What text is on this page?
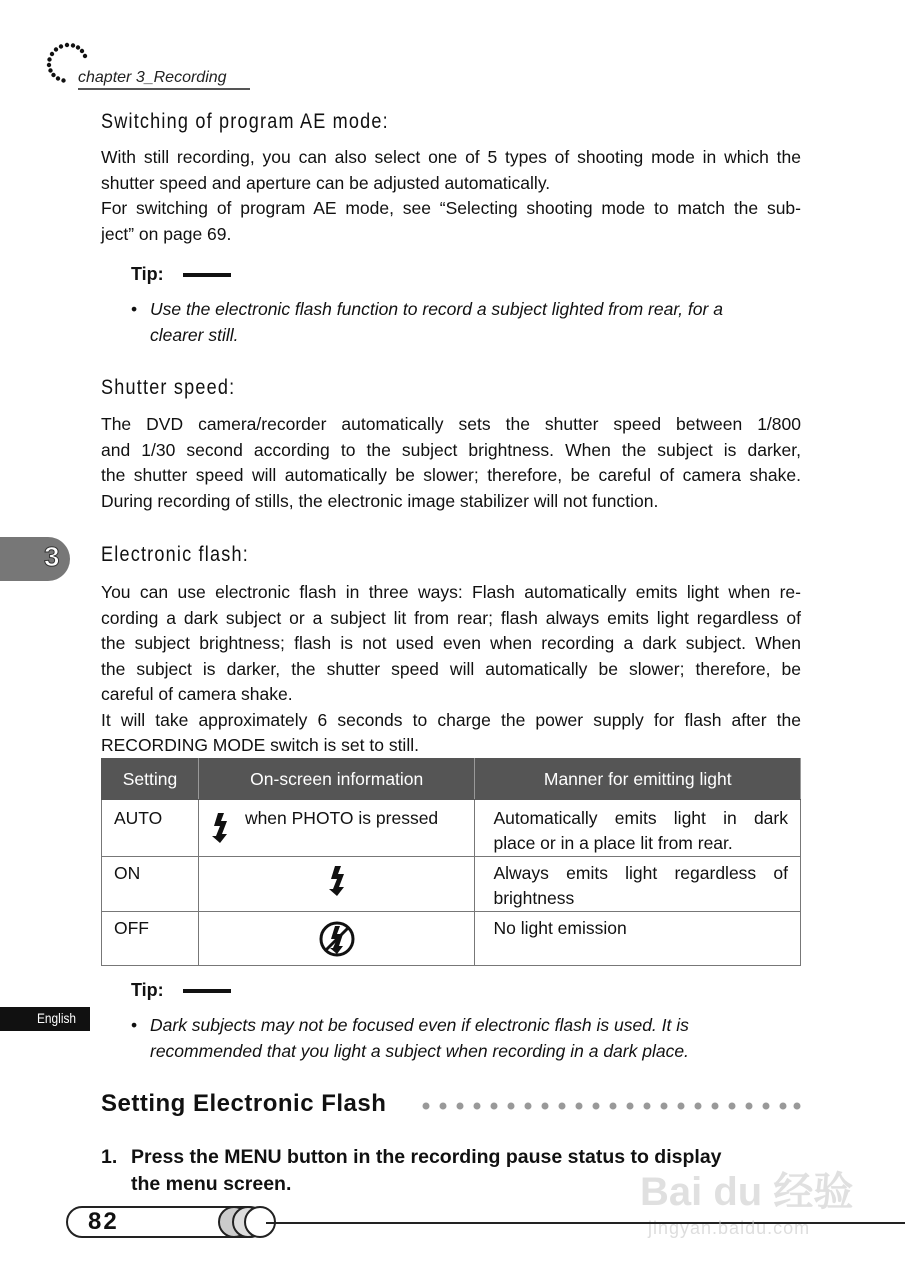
chapter 3_Recording
Switching of program AE mode:
With still recording, you can also select one of 5 types of shooting mode in which the
shutter speed and aperture can be adjusted automatically.
For switching of program AE mode, see “Selecting shooting mode to match the sub-
ject” on page 69.
Tip:
• Use the electronic flash function to record a subject lighted from rear, for a
clearer still.
Shutter speed:
The DVD camera/recorder automatically sets the shutter speed between 1/800
and 1/30 second according to the subject brightness. When the subject is darker,
the shutter speed will automatically be slower; therefore, be careful of camera shake.
During recording of stills, the electronic image stabilizer will not function.
3 Electronic flash:
You can use electronic flash in three ways: Flash automatically emits light when re-
cording a dark subject or a subject lit from rear; flash always emits light regardless of
the subject brightness; flash is not used even when recording a dark subject. When
the subject is darker, the shutter speed will automatically be slower; therefore, be
careful of camera shake.
It will take approximately 6 seconds to charge the power supply for flash after the
RECORDING MODE switch is set to still.
Setting	On-screen information	Manner for emitting light
AUTO	when PHOTO is pressed	Automatically emits light in dark
place or in a place lit from rear.

ON		Always emits light regardless of
brightness

OFF		No light emission
Tip:
• Dark subjects may not be focused even if electronic flash is used. It is
recommended that you light a subject when recording in a dark place.
English
Setting Electronic Flash
1. Press the MENU button in the recording pause status to display
the menu screen.
82
Bai du 经验
jingyan.baidu.com
